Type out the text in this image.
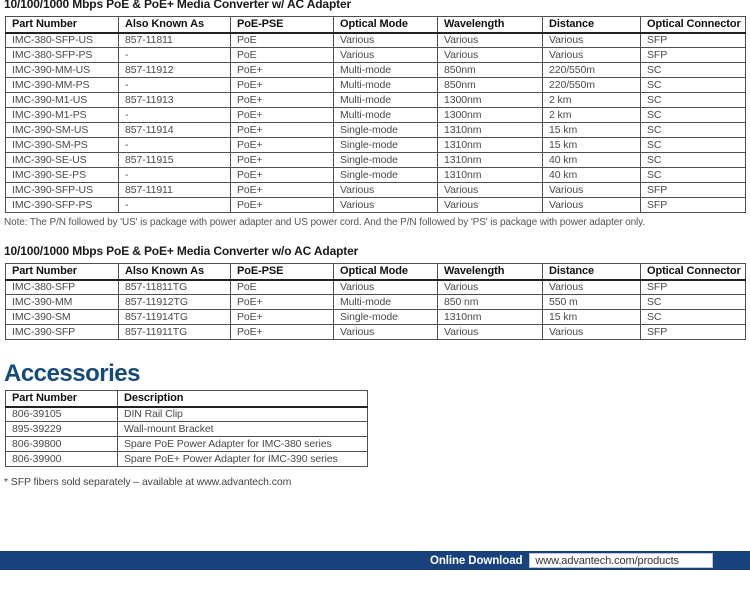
10/100/1000 Mbps PoE & PoE+ Media Converter w/ AC Adapter
Part Number	Also Known As	PoE-PSE	Optical Mode	Wavelength	Distance	Optical Connector
IMC-380-SFP-US	857-11811	PoE	Various	Various	Various	SFP
IMC-380-SFP-PS	-	PoE	Various	Various	Various	SFP
IMC-390-MM-US	857-11912	PoE+	Multi-mode	850nm	220/550m	SC
IMC-390-MM-PS	-	PoE+	Multi-mode	850nm	220/550m	SC
IMC-390-M1-US	857-11913	PoE+	Multi-mode	1300nm	2 km	SC
IMC-390-M1-PS	-	PoE+	Multi-mode	1300nm	2 km	SC
IMC-390-SM-US	857-11914	PoE+	Single-mode	1310nm	15 km	SC
IMC-390-SM-PS	-	PoE+	Single-mode	1310nm	15 km	SC
IMC-390-SE-US	857-11915	PoE+	Single-mode	1310nm	40 km	SC
IMC-390-SE-PS	-	PoE+	Single-mode	1310nm	40 km	SC
IMC-390-SFP-US	857-11911	PoE+	Various	Various	Various	SFP
IMC-390-SFP-PS	-	PoE+	Various	Various	Various	SFP

Note: The P/N followed by 'US' is package with power adapter and US power cord. And the P/N followed by 'PS' is package with power adapter only.

10/100/1000 Mbps PoE & PoE+ Media Converter w/o AC Adapter
Part Number	Also Known As	PoE-PSE	Optical Mode	Wavelength	Distance	Optical Connector
IMC-380-SFP	857-11811TG	PoE	Various	Various	Various	SFP
IMC-390-MM	857-11912TG	PoE+	Multi-mode	850 nm	550 m	SC
IMC-390-SM	857-11914TG	PoE+	Single-mode	1310nm	15 km	SC
IMC-390-SFP	857-11911TG	PoE+	Various	Various	Various	SFP
Accessories
Part Number	Description
806-39105	DIN Rail Clip
895-39229	Wall-mount Bracket
806-39800	Spare PoE Power Adapter for IMC-380 series
806-39900	Spare PoE+ Power Adapter for IMC-390 series

* SFP fibers sold separately – available at www.advantech.com

Online Download	www.advantech.com/products
